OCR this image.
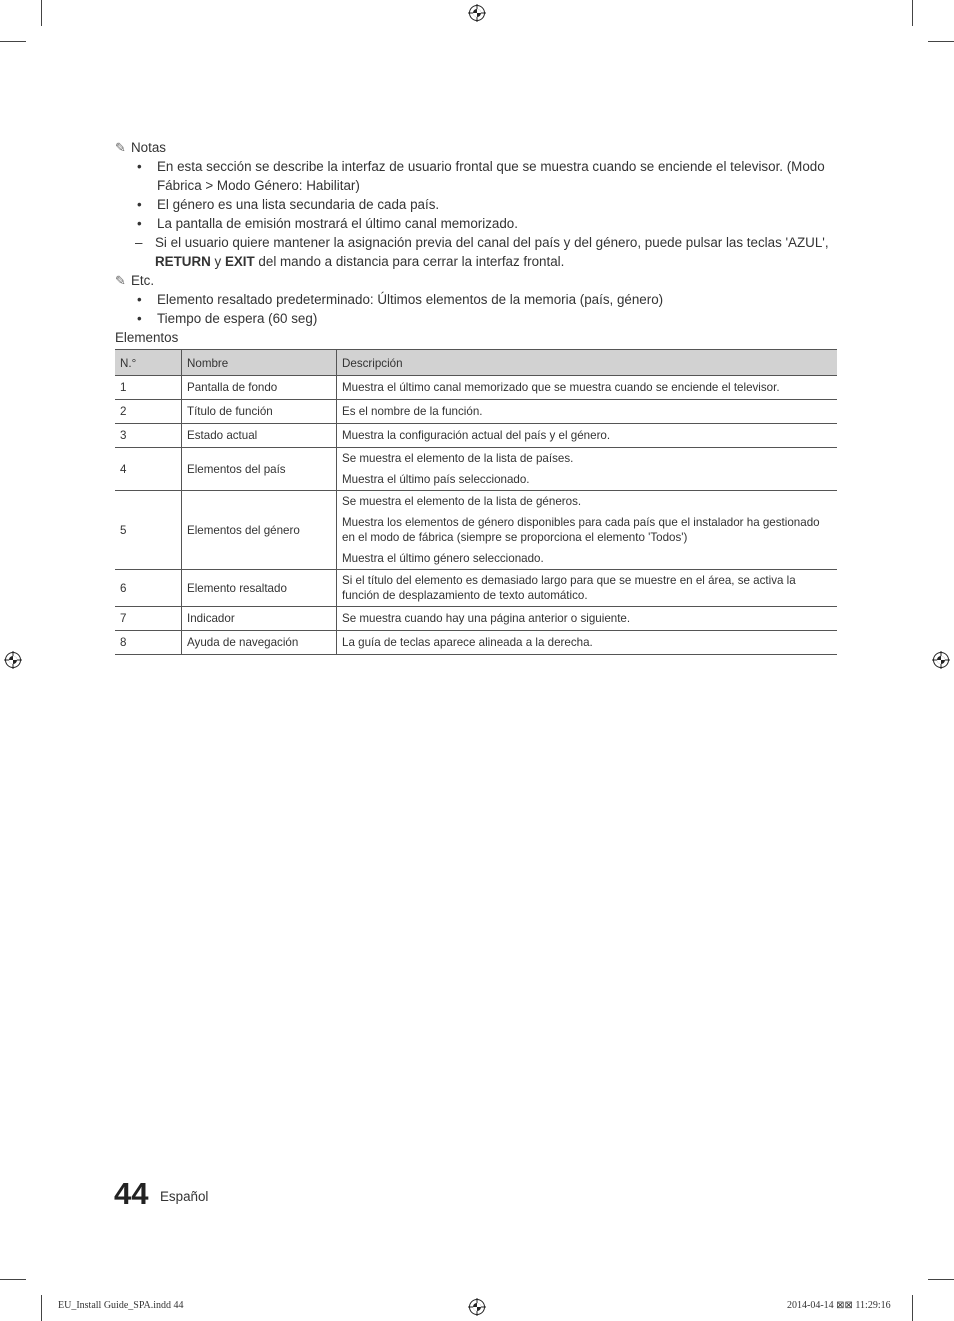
✎ Notas
• En esta sección se describe la interfaz de usuario frontal que se muestra cuando se enciende el televisor. (Modo Fábrica > Modo Género: Habilitar)
• El género es una lista secundaria de cada país.
• La pantalla de emisión mostrará el último canal memorizado.
– Si el usuario quiere mantener la asignación previa del canal del país y del género, puede pulsar las teclas 'AZUL',
RETURN y EXIT del mando a distancia para cerrar la interfaz frontal.
✎ Etc.
• Elemento resaltado predeterminado: Últimos elementos de la memoria (país, género)
• Tiempo de espera (60 seg)
Elementos
N.°	Nombre	Descripción
1	Pantalla de fondo	Muestra el último canal memorizado que se muestra cuando se enciende el televisor.

2	Título de función	Es el nombre de la función.

3	Estado actual	Muestra la configuración actual del país y el género.

4	Elementos del país	Se muestra el elemento de la lista de países.
Muestra el último país seleccionado.

5	Elementos del género	Se muestra el elemento de la lista de géneros.
Muestra los elementos de género disponibles para cada país que el instalador ha gestionado en el modo de fábrica (siempre se proporciona el elemento 'Todos')
Muestra el último género seleccionado.

6	Elemento resaltado	Si el título del elemento es demasiado largo para que se muestre en el área, se activa la función de desplazamiento de texto automático.

7	Indicador	Se muestra cuando hay una página anterior o siguiente.

8	Ayuda de navegación	La guía de teclas aparece alineada a la derecha.
44 Español
EU_Install Guide_SPA.indd 44	2014-04-14 ⊠⊠ 11:29:16
